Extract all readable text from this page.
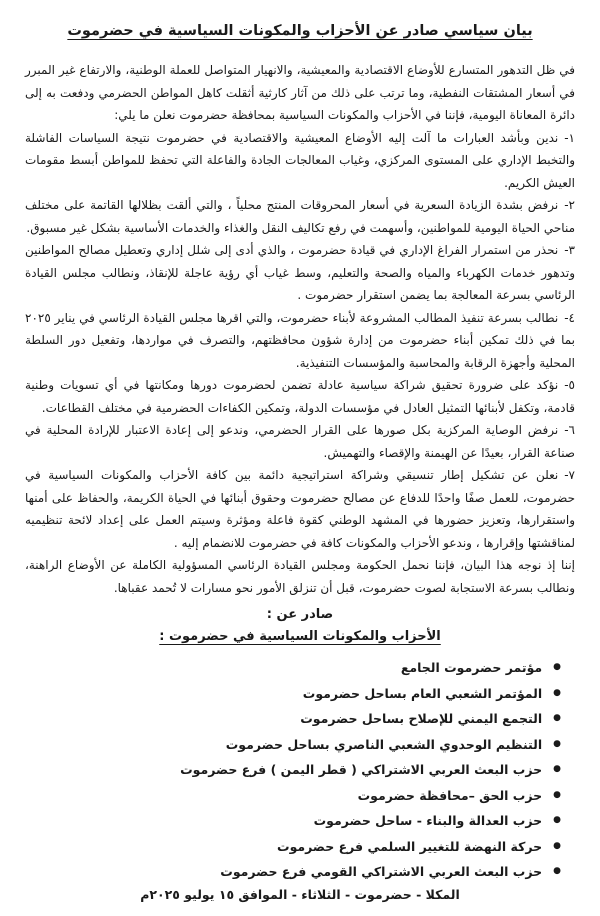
بيان سياسي صادر عن الأحزاب والمكونات السياسية في حضرموت

في ظل التدهور المتسارع للأوضاع الاقتصادية والمعيشية، والانهيار المتواصل للعملة الوطنية، والارتفاع غير المبرر في أسعار المشتقات النفطية، وما ترتب على ذلك من آثار كارثية أثقلت كاهل المواطن الحضرمي ودفعت به إلى دائرة المعاناة اليومية، فإننا في الأحزاب والمكونات السياسية بمحافظة حضرموت نعلن ما يلي:

١-ندين وبأشد العبارات ما آلت إليه الأوضاع المعيشية والاقتصادية في حضرموت نتيجة السياسات الفاشلة والتخبط الإداري على المستوى المركزي، وغياب المعالجات الجادة والفاعلة التي تحفظ للمواطن أبسط مقومات العيش الكريم.

٢-نرفض بشدة الزيادة السعرية في أسعار المحروقات المنتج محلياً ، والتي ألقت بظلالها القاتمة على مختلف مناحي الحياة اليومية للمواطنين، وأسهمت في رفع تكاليف النقل والغذاء والخدمات الأساسية بشكل غير مسبوق.

٣-نحذر من استمرار الفراغ الإداري في قيادة حضرموت ، والذي أدى إلى شلل إداري وتعطيل مصالح المواطنين وتدهور خدمات الكهرباء والمياه والصحة والتعليم، وسط غياب أي رؤية عاجلة للإنقاذ، ونطالب مجلس القيادة الرئاسي بسرعة المعالجة بما يضمن استقرار حضرموت .

٤-نطالب بسرعة تنفيذ المطالب المشروعة لأبناء حضرموت، والتي اقرها مجلس القيادة الرئاسي في يناير ٢٠٢٥ بما في ذلك تمكين أبناء حضرموت من إدارة شؤون محافظتهم، والتصرف في مواردها، وتفعيل دور السلطة المحلية وأجهزة الرقابة والمحاسبة والمؤسسات التنفيذية.

٥-نؤكد على ضرورة تحقيق شراكة سياسية عادلة تضمن لحضرموت دورها ومكانتها في أي تسويات وطنية قادمة، وتكفل لأبنائها التمثيل العادل في مؤسسات الدولة، وتمكين الكفاءات الحضرمية في مختلف القطاعات.

٦-نرفض الوصاية المركزية بكل صورها على القرار الحضرمي، وندعو إلى إعادة الاعتبار للإرادة المحلية في صناعة القرار، بعيدًا عن الهيمنة والإقصاء والتهميش.

٧-نعلن عن تشكيل إطار تنسيقي وشراكة استراتيجية دائمة بين كافة الأحزاب والمكونات السياسية في حضرموت، للعمل صفًا واحدًا للدفاع عن مصالح حضرموت وحقوق أبنائها في الحياة الكريمة، والحفاظ على أمنها واستقرارها، وتعزيز حضورها في المشهد الوطني كقوة فاعلة ومؤثرة وسيتم العمل على إعداد لائحة تنظيميه لمناقشتها وإقرارها ، وندعو الأحزاب والمكونات كافة في حضرموت للانضمام إليه .

إننا إذ نوجه هذا البيان، فإننا نحمل الحكومة ومجلس القيادة الرئاسي المسؤولية الكاملة عن الأوضاع الراهنة، ونطالب بسرعة الاستجابة لصوت حضرموت، قبل أن تنزلق الأمور نحو مسارات لا تُحمد عقباها.

صادر عن :

الأحزاب والمكونات السياسية في حضرموت :

●
مؤتمر حضرموت الجامع
●
المؤتمر الشعبي العام بساحل حضرموت
●
التجمع اليمني للإصلاح بساحل حضرموت
●
التنظيم الوحدوي الشعبي الناصري بساحل حضرموت
●
حزب البعث العربي الاشتراكي ( قطر اليمن ) فرع حضرموت
●
حزب الحق –محافظة حضرموت
●
حزب العدالة والبناء - ساحل حضرموت
●
حركة النهضة للتغيير السلمي فرع حضرموت
●
حزب البعث العربي الاشتراكي القومي فرع حضرموت

المكلا - حضرموت - الثلاثاء - الموافق ١٥ يوليو ٢٠٢٥م
